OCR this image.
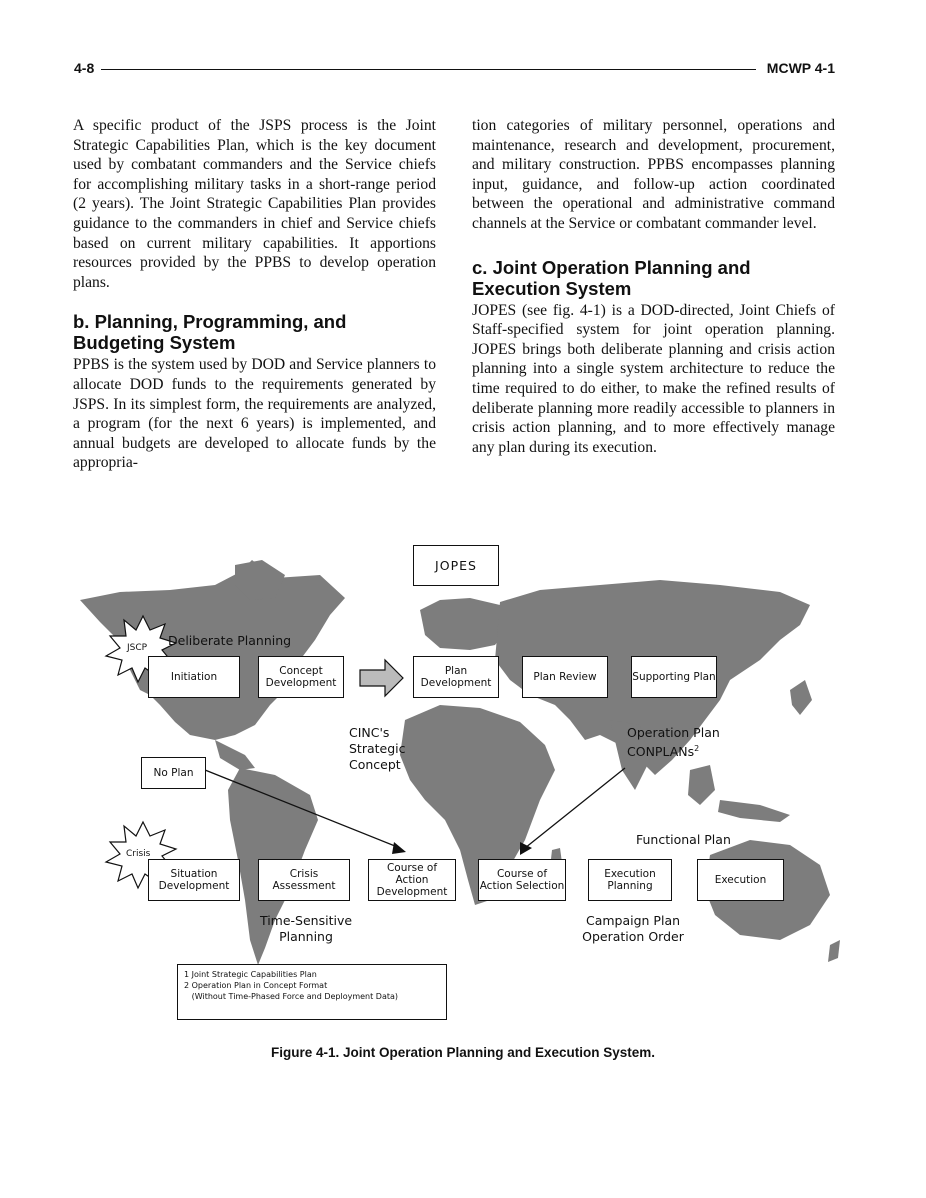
4-8	MCWP 4-1

A specific product of the JSPS process is the Joint Strategic Capabilities Plan, which is the key document used by combatant commanders and the Service chiefs for accomplishing military tasks in a short-range period (2 years). The Joint Strategic Capabilities Plan provides guidance to the commanders in chief and Service chiefs based on current military capabilities. It apportions resources provided by the PPBS to develop operation plans.

b. Planning, Programming, and Budgeting System

PPBS is the system used by DOD and Service planners to allocate DOD funds to the requirements generated by JSPS. In its simplest form, the requirements are analyzed, a program (for the next 6 years) is implemented, and annual budgets are developed to allocate funds by the appropria-

tion categories of military personnel, operations and maintenance, research and development, procurement, and military construction. PPBS encompasses planning input, guidance, and follow-up action coordinated between the operational and administrative command channels at the Service or combatant commander level.

c. Joint Operation Planning and Execution System

JOPES (see fig. 4-1) is a DOD-directed, Joint Chiefs of Staff-specified system for joint operation planning. JOPES brings both deliberate planning and crisis action planning into a single system architecture to reduce the time required to do either, to make the refined results of deliberate planning more readily accessible to planners in crisis action planning, and to more effectively manage any plan during its execution.

JSCP
Crisis
JOPES
Deliberate Planning
Initiation	Concept Development
Plan Development	Plan Review	Supporting Plan
No Plan
CINC's Strategic Concept
Operation Plan CONPLANs$^2$
Functional Plan
Situation Development
Crisis Assessment
Course of Action Development
Course of Action Selection
Execution Planning	Execution
Time-Sensitive Planning
Campaign Plan Operation Order
1 Joint Strategic Capabilities Plan
2 Operation Plan in Concept Format
(Without Time-Phased Force and Deployment Data)
Figure 4-1. Joint Operation Planning and Execution System.
